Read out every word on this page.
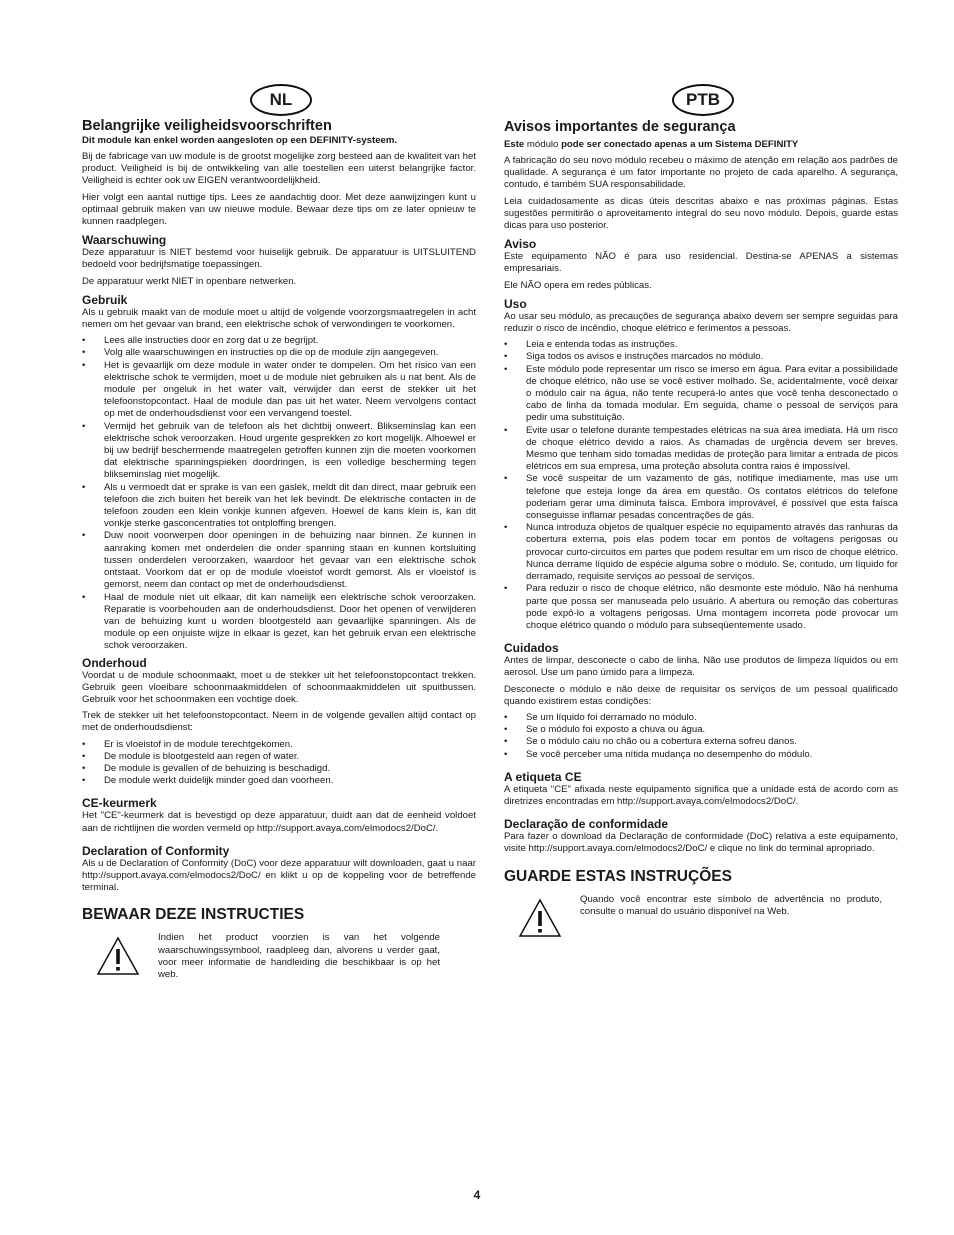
NL	PTB
Belangrijke veiligheidsvoorschriften
Dit module kan enkel worden aangesloten op een DEFINITY-systeem.

Bij de fabricage van uw module is de grootst mogelijke zorg besteed aan de kwaliteit van het product. Veiligheid is bij de ontwikkeling van alle toestellen een uiterst belangrijke factor. Veiligheid is echter ook uw EIGEN verantwoordelijkheid.

Hier volgt een aantal nuttige tips. Lees ze aandachtig door. Met deze aanwijzingen kunt u optimaal gebruik maken van uw nieuwe module. Bewaar deze tips om ze later opnieuw te kunnen raadplegen.

Waarschuwing

Deze apparatuur is NIET bestemd voor huiselijk gebruik. De apparatuur is UITSLUITEND bedoeld voor bedrijfsmatige toepassingen.

De apparatuur werkt NIET in openbare netwerken.

Gebruik

Als u gebruik maakt van de module moet u altijd de volgende voorzorgsmaatregelen in acht nemen om het gevaar van brand, een elektrische schok of verwondingen te voorkomen.

• Lees alle instructies door en zorg dat u ze begrijpt.
• Volg alle waarschuwingen en instructies op die op de module zijn aangegeven.
• Het is gevaarlijk om deze module in water onder te dompelen. Om het risico van een elektrische schok te vermijden, moet u de module niet gebruiken als u nat bent. Als de module per ongeluk in het water valt, verwijder dan eerst de stekker uit het telefoonstopcontact. Haal de module dan pas uit het water. Neem vervolgens contact op met de onderhoudsdienst voor een vervangend toestel.
• Vermijd het gebruik van de telefoon als het dichtbij onweert. Blikseminslag kan een elektrische schok veroorzaken. Houd urgente gesprekken zo kort mogelijk. Alhoewel er bij uw bedrijf beschermende maatregelen getroffen kunnen zijn die moeten voorkomen dat elektrische spanningspieken doordringen, is een volledige bescherming tegen blikseminslag niet mogelijk.
• Als u vermoedt dat er sprake is van een gaslek, meldt dit dan direct, maar gebruik een telefoon die zich buiten het bereik van het lek bevindt. De elektrische contacten in de telefoon zouden een klein vonkje kunnen afgeven. Hoewel de kans klein is, kan dit vonkje sterke gasconcentraties tot ontploffing brengen.
• Duw nooit voorwerpen door openingen in de behuizing naar binnen. Ze kunnen in aanraking komen met onderdelen die onder spanning staan en kunnen kortsluiting tussen onderdelen veroorzaken, waardoor het gevaar van een elektrische schok ontstaat. Voorkom dat er op de module vloeistof wordt gemorst. Als er vloeistof is gemorst, neem dan contact op met de onderhoudsdienst.
• Haal de module niet uit elkaar, dit kan namelijk een elektrische schok veroorzaken. Reparatie is voorbehouden aan de onderhoudsdienst. Door het openen of verwijderen van de behuizing kunt u worden blootgesteld aan gevaarlijke spanningen. Als de module op een onjuiste wijze in elkaar is gezet, kan het gebruik ervan een elektrische schok veroorzaken.
Onderhoud

Voordat u de module schoonmaakt, moet u de stekker uit het telefoonstopcontact trekken. Gebruik geen vloeibare schoonmaakmiddelen of schoonmaakmiddelen uit spuitbussen. Gebruik voor het schoonmaken een vochtige doek.

Trek de stekker uit het telefoonstopcontact. Neem in de volgende gevallen altijd contact op met de onderhoudsdienst:

• Er is vloeistof in de module terechtgekomen.
• De module is blootgesteld aan regen of water.
• De module is gevallen of de behuizing is beschadigd.
• De module werkt duidelijk minder goed dan voorheen.
CE-keurmerk

Het "CE"-keurmerk dat is bevestigd op deze apparatuur, duidt aan dat de eenheid voldoet aan de richtlijnen die worden vermeld op http://support.avaya.com/elmodocs2/DoC/.

Declaration of Conformity

Als u de Declaration of Conformity (DoC) voor deze apparatuur wilt downloaden, gaat u naar http://support.avaya.com/elmodocs2/DoC/ en klikt u op de koppeling voor de betreffende terminal.

BEWAAR DEZE INSTRUCTIES

Indien het product voorzien is van het volgende waarschuwingssymbool, raadpleeg dan, alvorens u verder gaat, voor meer informatie de handleiding die beschikbaar is op het web.

Avisos importantes de segurança
Este módulo pode ser conectado apenas a um Sistema DEFINITY

A fabricação do seu novo módulo recebeu o máximo de atenção em relação aos padrões de qualidade. A segurança é um fator importante no projeto de cada aparelho. A segurança, contudo, é também SUA responsabilidade.

Leia cuidadosamente as dicas úteis descritas abaixo e nas próximas páginas. Estas sugestões permitirão o aproveitamento integral do seu novo módulo. Depois, guarde estas dicas para uso posterior.

Aviso

Este equipamento NÃO é para uso residencial. Destina-se APENAS a sistemas empresariais.

Ele NÃO opera em redes públicas.

Uso

Ao usar seu módulo, as precauções de segurança abaixo devem ser sempre seguidas para reduzir o risco de incêndio, choque elétrico e ferimentos a pessoas.

• Leia e entenda todas as instruções.
• Siga todos os avisos e instruções marcados no módulo.
• Este módulo pode representar um risco se imerso em água. Para evitar a possibilidade de choque elétrico, não use se você estiver molhado. Se, acidentalmente, você deixar o módulo cair na água, não tente recuperá-lo antes que você tenha desconectado o cabo de linha da tomada modular. Em seguida, chame o pessoal de serviços para pedir uma substituição.
• Evite usar o telefone durante tempestades elétricas na sua área imediata. Há um risco de choque elétrico devido a raios. As chamadas de urgência devem ser breves. Mesmo que tenham sido tomadas medidas de proteção para limitar a entrada de picos elétricos em sua empresa, uma proteção absoluta contra raios é impossível.
• Se você suspeitar de um vazamento de gás, notifique imediamente, mas use um telefone que esteja longe da área em questão. Os contatos elétricos do telefone poderiam gerar uma diminuta faísca. Embora improvável, é possível que esta faísca conseguisse inflamar pesadas concentrações de gás.
• Nunca introduza objetos de qualquer espécie no equipamento através das ranhuras da cobertura externa, pois elas podem tocar em pontos de voltagens perigosas ou provocar curto-circuitos em partes que podem resultar em um risco de choque elétrico. Nunca derrame líquido de espécie alguma sobre o módulo. Se, contudo, um líquido for derramado, requisite serviços ao pessoal de serviços.
• Para reduzir o risco de choque elétrico, não desmonte este módulo. Não há nenhuma parte que possa ser manuseada pelo usuário. A abertura ou remoção das coberturas pode expô-lo a voltagens perigosas. Uma montagem incorreta pode provocar um choque elétrico quando o módulo para subseqüentemente usado.
Cuidados

Antes de limpar, desconecte o cabo de linha. Não use produtos de limpeza líquidos ou em aerosol. Use um pano úmido para a limpeza.

Desconecte o módulo e não deixe de requisitar os serviços de um pessoal qualificado quando existirem estas condições:

• Se um líquido foi derramado no módulo.
• Se o módulo foi exposto a chuva ou água.
• Se o módulo caiu no chão ou a cobertura externa sofreu danos.
• Se você perceber uma nítida mudança no desempenho do módulo.
A etiqueta CE

A etiqueta "CE" afixada neste equipamento significa que a unidade está de acordo com as diretrizes encontradas em http://support.avaya.com/elmodocs2/DoC/.

Declaração de conformidade

Para fazer o download da Declaração de conformidade (DoC) relativa a este equipamento, visite http://support.avaya.com/elmodocs2/DoC/ e clique no link do terminal apropriado.

GUARDE ESTAS INSTRUÇÕES

Quando você encontrar este símbolo de advertência no produto, consulte o manual do usuário disponível na Web.

4
